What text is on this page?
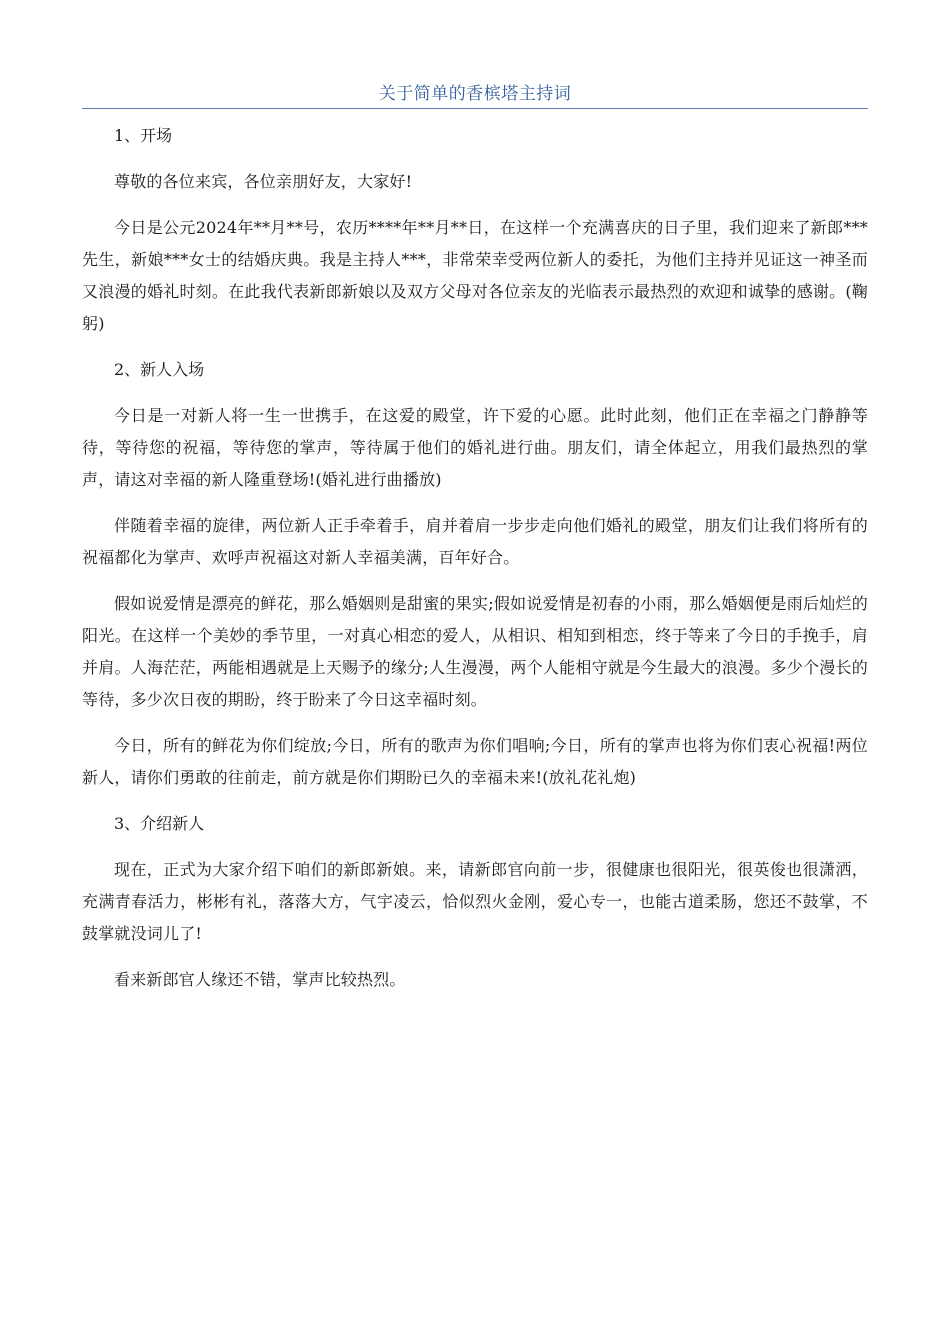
关于简单的香槟塔主持词

1、开场

尊敬的各位来宾，各位亲朋好友，大家好!

今日是公元2024年**月**号，农历****年**月**日，在这样一个充满喜庆的日子里，我们迎来了新郎***先生，新娘***女士的结婚庆典。我是主持人***，非常荣幸受两位新人的委托，为他们主持并见证这一神圣而又浪漫的婚礼时刻。在此我代表新郎新娘以及双方父母对各位亲友的光临表示最热烈的欢迎和诚挚的感谢。(鞠躬)

2、新人入场

今日是一对新人将一生一世携手，在这爱的殿堂，许下爱的心愿。此时此刻，他们正在幸福之门静静等待，等待您的祝福，等待您的掌声，等待属于他们的婚礼进行曲。朋友们，请全体起立，用我们最热烈的掌声，请这对幸福的新人隆重登场!(婚礼进行曲播放)

伴随着幸福的旋律，两位新人正手牵着手，肩并着肩一步步走向他们婚礼的殿堂，朋友们让我们将所有的祝福都化为掌声、欢呼声祝福这对新人幸福美满，百年好合。

假如说爱情是漂亮的鲜花，那么婚姻则是甜蜜的果实;假如说爱情是初春的小雨，那么婚姻便是雨后灿烂的阳光。在这样一个美妙的季节里，一对真心相恋的爱人，从相识、相知到相恋，终于等来了今日的手挽手，肩并肩。人海茫茫，两能相遇就是上天赐予的缘分;人生漫漫，两个人能相守就是今生最大的浪漫。多少个漫长的等待，多少次日夜的期盼，终于盼来了今日这幸福时刻。

今日，所有的鲜花为你们绽放;今日，所有的歌声为你们唱响;今日，所有的掌声也将为你们衷心祝福!两位新人，请你们勇敢的往前走，前方就是你们期盼已久的幸福未来!(放礼花礼炮)

3、介绍新人

现在，正式为大家介绍下咱们的新郎新娘。来，请新郎官向前一步，很健康也很阳光，很英俊也很潇洒，充满青春活力，彬彬有礼，落落大方，气宇凌云，恰似烈火金刚，爱心专一，也能古道柔肠，您还不鼓掌，不鼓掌就没词儿了!

看来新郎官人缘还不错，掌声比较热烈。
